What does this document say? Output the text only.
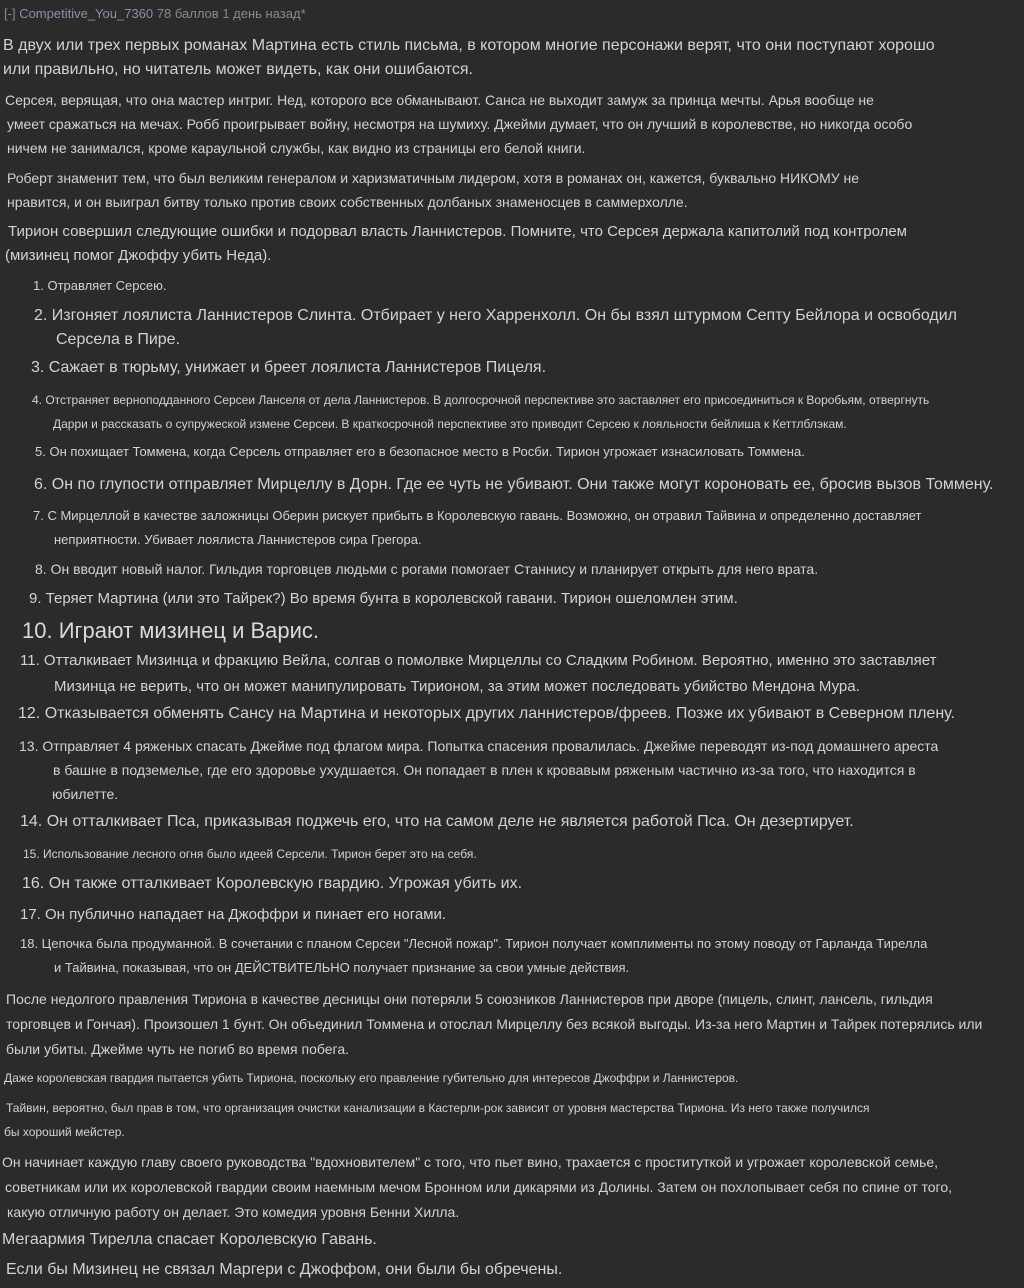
[-] Competitive_You_7360 78 баллов 1 день назад*
В двух или трех первых романах Мартина есть стиль письма, в котором многие персонажи верят, что они поступают хорошо
или правильно, но читатель может видеть, как они ошибаются.
Серсея, верящая, что она мастер интриг. Нед, которого все обманывают. Санса не выходит замуж за принца мечты. Арья вообще не
умеет сражаться на мечах. Робб проигрывает войну, несмотря на шумиху. Джейми думает, что он лучший в королевстве, но никогда особо
ничем не занимался, кроме караульной службы, как видно из страницы его белой книги.
Роберт знаменит тем, что был великим генералом и харизматичным лидером, хотя в романах он, кажется, буквально НИКОМУ не
нравится, и он выиграл битву только против своих собственных долбаных знаменосцев в саммерхолле.
Тирион совершил следующие ошибки и подорвал власть Ланнистеров. Помните, что Серсея держала капитолий под контролем
(мизинец помог Джоффу убить Неда).
1. Отравляет Серсею.
2. Изгоняет лоялиста Ланнистеров Слинта. Отбирает у него Харренхолл. Он бы взял штурмом Септу Бейлора и освободил
Серсела в Пире.
3. Сажает в тюрьму, унижает и бреет лоялиста Ланнистеров Пицеля.
4. Отстраняет верноподданного Серсеи Ланселя от дела Ланнистеров. В долгосрочной перспективе это заставляет его присоединиться к Воробьям, отвергнуть
Дарри и рассказать о супружеской измене Серсеи. В краткосрочной перспективе это приводит Серсею к лояльности бейлиша к Кеттлблэкам.
5. Он похищает Томмена, когда Серсель отправляет его в безопасное место в Росби. Тирион угрожает изнасиловать Томмена.
6. Он по глупости отправляет Мирцеллу в Дорн. Где ее чуть не убивают. Они также могут короновать ее, бросив вызов Томмену.
7. С Мирцеллой в качестве заложницы Оберин рискует прибыть в Королевскую гавань. Возможно, он отравил Тайвина и определенно доставляет
неприятности. Убивает лоялиста Ланнистеров сира Грегора.
8. Он вводит новый налог. Гильдия торговцев людьми с рогами помогает Станнису и планирует открыть для него врата.
9. Теряет Мартина (или это Тайрек?) Во время бунта в королевской гавани. Тирион ошеломлен этим.
10. Играют мизинец и Варис.
11. Отталкивает Мизинца и фракцию Вейла, солгав о помолвке Мирцеллы со Сладким Робином. Вероятно, именно это заставляет
Мизинца не верить, что он может манипулировать Тирионом, за этим может последовать убийство Мендона Мура.
12. Отказывается обменять Сансу на Мартина и некоторых других ланнистеров/фреев. Позже их убивают в Северном плену.
13. Отправляет 4 ряженых спасать Джейме под флагом мира. Попытка спасения провалилась. Джейме переводят из-под домашнего ареста
в башне в подземелье, где его здоровье ухудшается. Он попадает в плен к кровавым ряженым частично из-за того, что находится в
юбилетте.
14. Он отталкивает Пса, приказывая поджечь его, что на самом деле не является работой Пса. Он дезертирует.
15. Использование лесного огня было идеей Серсели. Тирион берет это на себя.
16. Он также отталкивает Королевскую гвардию. Угрожая убить их.
17. Он публично нападает на Джоффри и пинает его ногами.
18. Цепочка была продуманной. В сочетании с планом Серсеи "Лесной пожар". Тирион получает комплименты по этому поводу от Гарланда Тирелла
и Тайвина, показывая, что он ДЕЙСТВИТЕЛЬНО получает признание за свои умные действия.
После недолгого правления Тириона в качестве десницы они потеряли 5 союзников Ланнистеров при дворе (пицель, слинт, лансель, гильдия
торговцев и Гончая). Произошел 1 бунт. Он объединил Томмена и отослал Мирцеллу без всякой выгоды. Из-за него Мартин и Тайрек потерялись или
были убиты. Джейме чуть не погиб во время побега.
Даже королевская гвардия пытается убить Тириона, поскольку его правление губительно для интересов Джоффри и Ланнистеров.
Тайвин, вероятно, был прав в том, что организация очистки канализации в Кастерли-рок зависит от уровня мастерства Тириона. Из него также получился
бы хороший мейстер.
Он начинает каждую главу своего руководства "вдохновителем" с того, что пьет вино, трахается с проституткой и угрожает королевской семье,
советникам или их королевской гвардии своим наемным мечом Бронном или дикарями из Долины. Затем он похлопывает себя по спине от того,
какую отличную работу он делает. Это комедия уровня Бенни Хилла.
Мегаармия Тирелла спасает Королевскую Гавань.
Если бы Мизинец не связал Маргери с Джоффом, они были бы обречены.
